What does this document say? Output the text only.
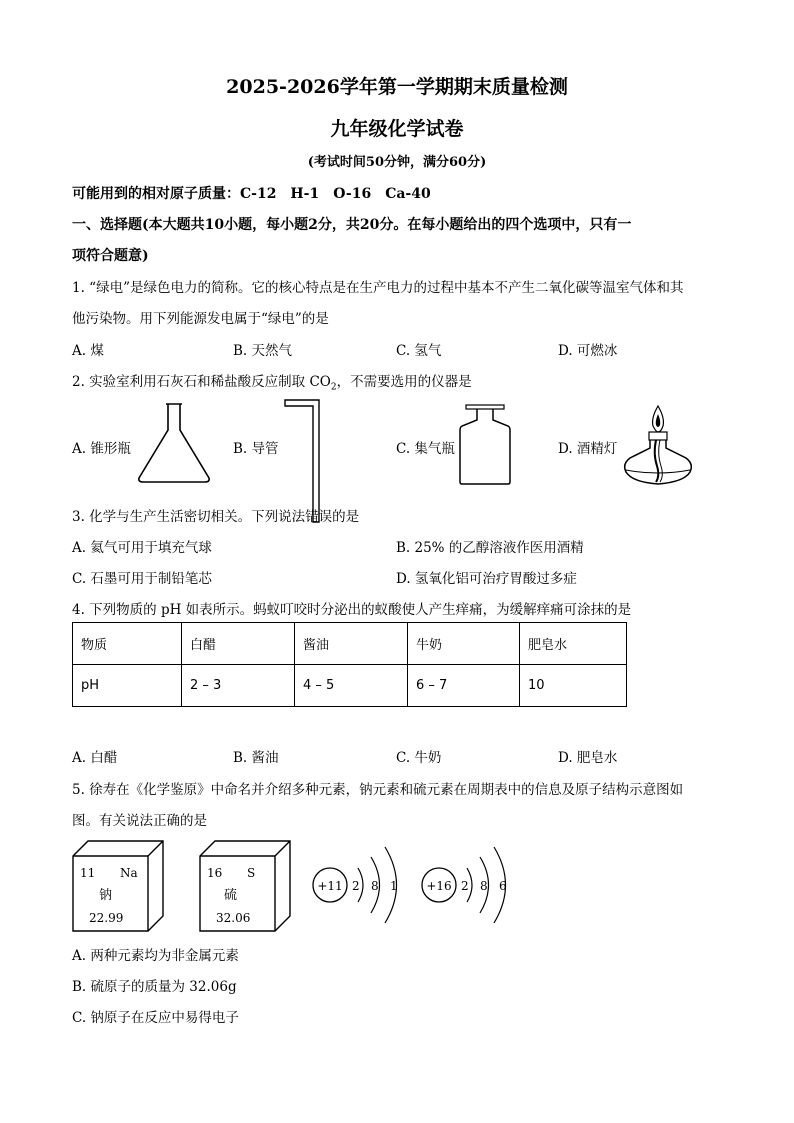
2025-2026学年第一学期期末质量检测
九年级化学试卷
(考试时间50分钟，满分60分)
可能用到的相对原子质量：C-12　H-1　O-16　Ca-40
一、选择题(本大题共10小题，每小题2分，共20分。在每小题给出的四个选项中，只有一
项符合题意)
1. “绿电”是绿色电力的简称。它的核心特点是在生产电力的过程中基本不产生二氧化碳等温室气体和其
他污染物。用下列能源发电属于“绿电”的是
A. 煤	B. 天然气	C. 氢气	D. 可燃冰
2. 实验室利用石灰石和稀盐酸反应制取 $CO_2$，不需要选用的仪器是
A. 锥形瓶	B. 导管	C. 集气瓶	D. 酒精灯
3. 化学与生产生活密切相关。下列说法错误的是
A. 氦气可用于填充气球	B. 25% 的乙醇溶液作医用酒精
C. 石墨可用于制铅笔芯	D. 氢氧化铝可治疗胃酸过多症
4. 下列物质的 pH 如表所示。蚂蚁叮咬时分泌出的蚁酸使人产生痒痛，为缓解痒痛可涂抹的是
物质	白醋	酱油	牛奶	肥皂水
pH	2 – 3	4 – 5	6 – 7	10
A. 白醋	B. 酱油	C. 牛奶	D. 肥皂水
5. 徐寿在《化学鉴原》中命名并介绍多种元素，钠元素和硫元素在周期表中的信息及原子结构示意图如
图。有关说法正确的是
11 Na
钠
22.99
16 S
硫
32.06
+11 2 8 1 +16 2 8 6
A. 两种元素均为非金属元素
B. 硫原子的质量为 32.06g
C. 钠原子在反应中易得电子
